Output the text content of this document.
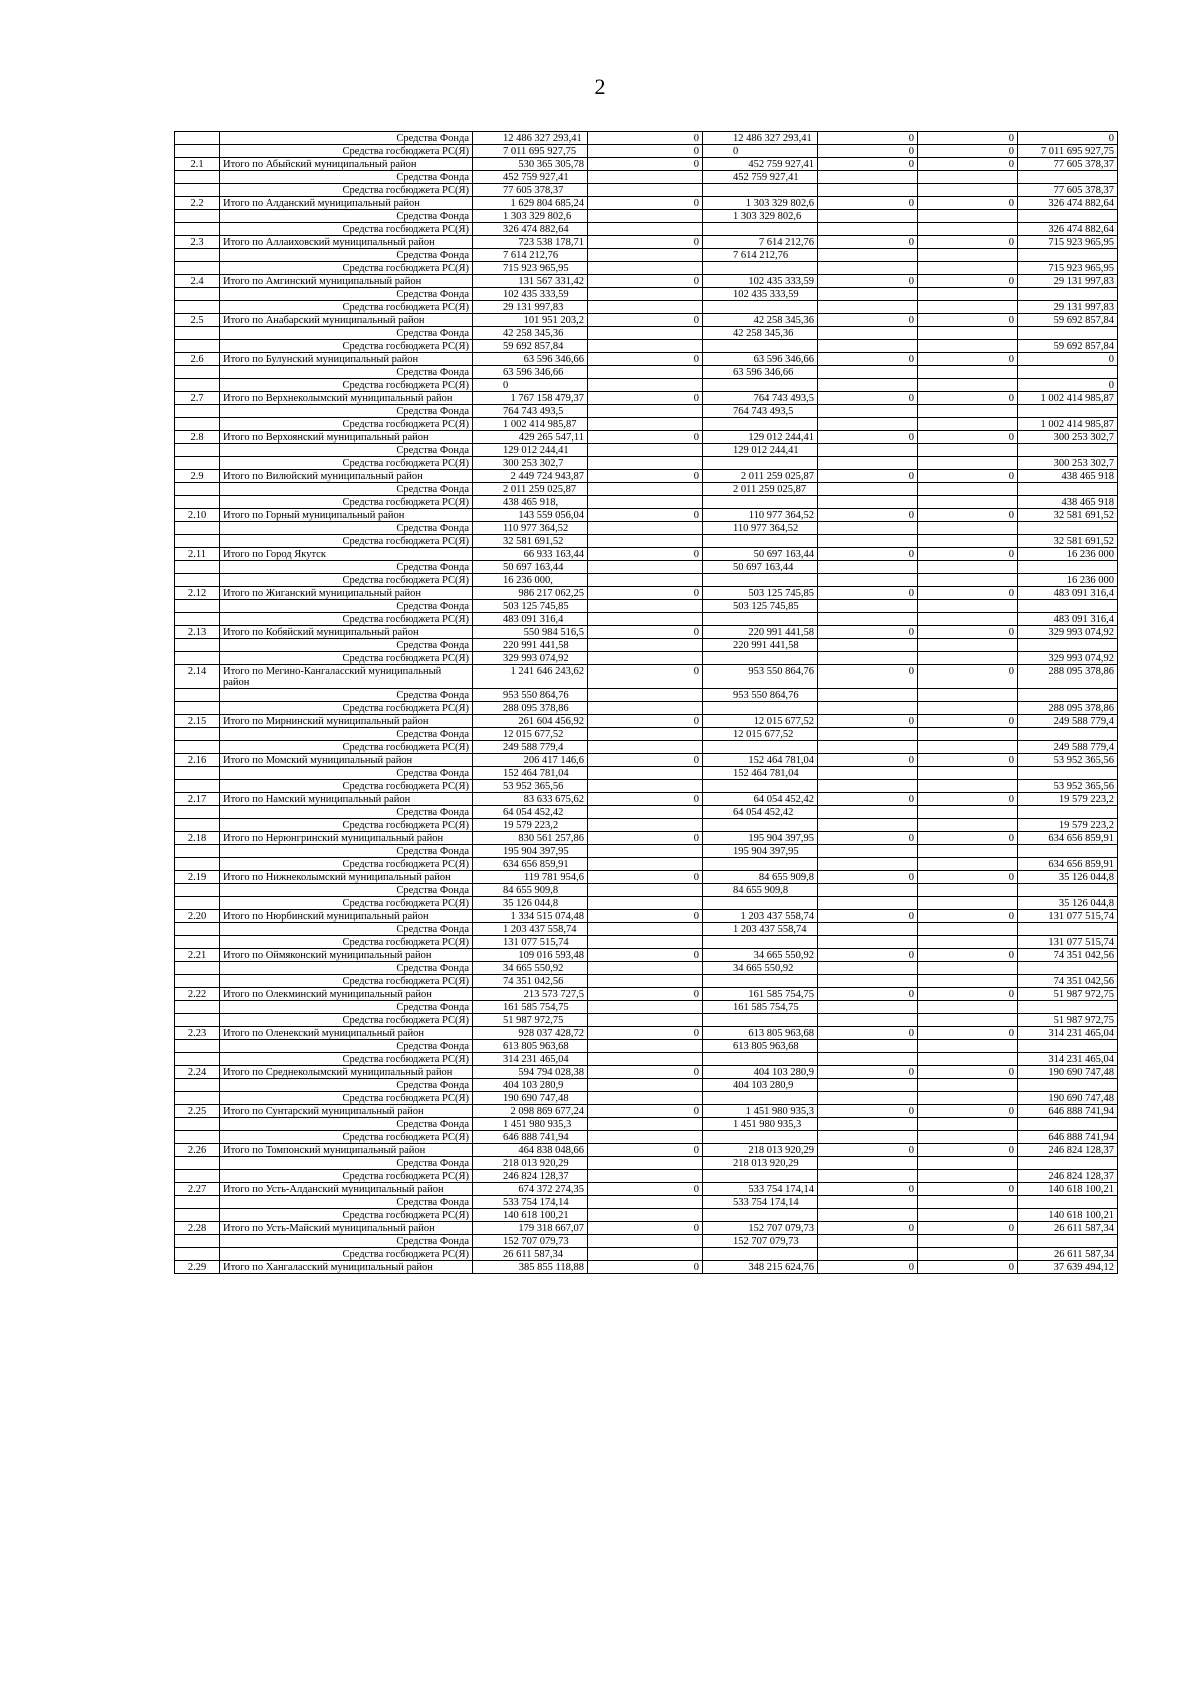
2
	Средства Фонда	12 486 327 293,41	0	12 486 327 293,41	0	0	0
	Средства госбюджета РС(Я)	7 011 695 927,75	0	0	0	0	7 011 695 927,75
2.1	Итого по Абыйский муниципальный район	530 365 305,78	0	452 759 927,41	0	0	77 605 378,37
	Средства Фонда	452 759 927,41		452 759 927,41			
	Средства госбюджета РС(Я)	77 605 378,37					77 605 378,37
2.2	Итого по Алданский муниципальный район	1 629 804 685,24	0	1 303 329 802,6	0	0	326 474 882,64
	Средства Фонда	1 303 329 802,6		1 303 329 802,6			
	Средства госбюджета РС(Я)	326 474 882,64					326 474 882,64
2.3	Итого по Аллаиховский муниципальный район	723 538 178,71	0	7 614 212,76	0	0	715 923 965,95
	Средства Фонда	7 614 212,76		7 614 212,76			
	Средства госбюджета РС(Я)	715 923 965,95					715 923 965,95
2.4	Итого по Амгинский муниципальный район	131 567 331,42	0	102 435 333,59	0	0	29 131 997,83
	Средства Фонда	102 435 333,59		102 435 333,59			
	Средства госбюджета РС(Я)	29 131 997,83					29 131 997,83
2.5	Итого по Анабарский муниципальный район	101 951 203,2	0	42 258 345,36	0	0	59 692 857,84
	Средства Фонда	42 258 345,36		42 258 345,36			
	Средства госбюджета РС(Я)	59 692 857,84					59 692 857,84
2.6	Итого по Булунский муниципальный район	63 596 346,66	0	63 596 346,66	0	0	0
	Средства Фонда	63 596 346,66		63 596 346,66			
	Средства госбюджета РС(Я)	0					0
2.7	Итого по Верхнеколымский муниципальный район	1 767 158 479,37	0	764 743 493,5	0	0	1 002 414 985,87
	Средства Фонда	764 743 493,5		764 743 493,5			
	Средства госбюджета РС(Я)	1 002 414 985,87					1 002 414 985,87
2.8	Итого по Верхоянский муниципальный район	429 265 547,11	0	129 012 244,41	0	0	300 253 302,7
	Средства Фонда	129 012 244,41		129 012 244,41			
	Средства госбюджета РС(Я)	300 253 302,7					300 253 302,7
2.9	Итого по Вилюйский муниципальный район	2 449 724 943,87	0	2 011 259 025,87	0	0	438 465 918
	Средства Фонда	2 011 259 025,87		2 011 259 025,87			
	Средства госбюджета РС(Я)	438 465 918,					438 465 918
2.10	Итого по Горный муниципальный район	143 559 056,04	0	110 977 364,52	0	0	32 581 691,52
	Средства Фонда	110 977 364,52		110 977 364,52			
	Средства госбюджета РС(Я)	32 581 691,52					32 581 691,52
2.11	Итого по Город Якутск	66 933 163,44	0	50 697 163,44	0	0	16 236 000
	Средства Фонда	50 697 163,44		50 697 163,44			
	Средства госбюджета РС(Я)	16 236 000,					16 236 000
2.12	Итого по Жиганский муниципальный район	986 217 062,25	0	503 125 745,85	0	0	483 091 316,4
	Средства Фонда	503 125 745,85		503 125 745,85			
	Средства госбюджета РС(Я)	483 091 316,4					483 091 316,4
2.13	Итого по Кобяйский муниципальный район	550 984 516,5	0	220 991 441,58	0	0	329 993 074,92
	Средства Фонда	220 991 441,58		220 991 441,58			
	Средства госбюджета РС(Я)	329 993 074,92					329 993 074,92
2.14	Итого по Мегино-Кангаласский муниципальный район	1 241 646 243,62	0	953 550 864,76	0	0	288 095 378,86
	Средства Фонда	953 550 864,76		953 550 864,76			
	Средства госбюджета РС(Я)	288 095 378,86					288 095 378,86
2.15	Итого по Мирнинский муниципальный район	261 604 456,92	0	12 015 677,52	0	0	249 588 779,4
	Средства Фонда	12 015 677,52		12 015 677,52			
	Средства госбюджета РС(Я)	249 588 779,4					249 588 779,4
2.16	Итого по Момский муниципальный район	206 417 146,6	0	152 464 781,04	0	0	53 952 365,56
	Средства Фонда	152 464 781,04		152 464 781,04			
	Средства госбюджета РС(Я)	53 952 365,56					53 952 365,56
2.17	Итого по Намский муниципальный район	83 633 675,62	0	64 054 452,42	0	0	19 579 223,2
	Средства Фонда	64 054 452,42		64 054 452,42			
	Средства госбюджета РС(Я)	19 579 223,2					19 579 223,2
2.18	Итого по Нерюнгринский муниципальный район	830 561 257,86	0	195 904 397,95	0	0	634 656 859,91
	Средства Фонда	195 904 397,95		195 904 397,95			
	Средства госбюджета РС(Я)	634 656 859,91					634 656 859,91
2.19	Итого по Нижнеколымский муниципальный район	119 781 954,6	0	84 655 909,8	0	0	35 126 044,8
	Средства Фонда	84 655 909,8		84 655 909,8			
	Средства госбюджета РС(Я)	35 126 044,8					35 126 044,8
2.20	Итого по Нюрбинский муниципальный район	1 334 515 074,48	0	1 203 437 558,74	0	0	131 077 515,74
	Средства Фонда	1 203 437 558,74		1 203 437 558,74			
	Средства госбюджета РС(Я)	131 077 515,74					131 077 515,74
2.21	Итого по Оймяконский муниципальный район	109 016 593,48	0	34 665 550,92	0	0	74 351 042,56
	Средства Фонда	34 665 550,92		34 665 550,92			
	Средства госбюджета РС(Я)	74 351 042,56					74 351 042,56
2.22	Итого по Олекминский муниципальный район	213 573 727,5	0	161 585 754,75	0	0	51 987 972,75
	Средства Фонда	161 585 754,75		161 585 754,75			
	Средства госбюджета РС(Я)	51 987 972,75					51 987 972,75
2.23	Итого по Оленекский муниципальный район	928 037 428,72	0	613 805 963,68	0	0	314 231 465,04
	Средства Фонда	613 805 963,68		613 805 963,68			
	Средства госбюджета РС(Я)	314 231 465,04					314 231 465,04
2.24	Итого по Среднеколымский муниципальный район	594 794 028,38	0	404 103 280,9	0	0	190 690 747,48
	Средства Фонда	404 103 280,9		404 103 280,9			
	Средства госбюджета РС(Я)	190 690 747,48					190 690 747,48
2.25	Итого по Сунтарский муниципальный район	2 098 869 677,24	0	1 451 980 935,3	0	0	646 888 741,94
	Средства Фонда	1 451 980 935,3		1 451 980 935,3			
	Средства госбюджета РС(Я)	646 888 741,94					646 888 741,94
2.26	Итого по Томпонский муниципальный район	464 838 048,66	0	218 013 920,29	0	0	246 824 128,37
	Средства Фонда	218 013 920,29		218 013 920,29			
	Средства госбюджета РС(Я)	246 824 128,37					246 824 128,37
2.27	Итого по Усть-Алданский муниципальный район	674 372 274,35	0	533 754 174,14	0	0	140 618 100,21
	Средства Фонда	533 754 174,14		533 754 174,14			
	Средства госбюджета РС(Я)	140 618 100,21					140 618 100,21
2.28	Итого по Усть-Майский муниципальный район	179 318 667,07	0	152 707 079,73	0	0	26 611 587,34
	Средства Фонда	152 707 079,73		152 707 079,73			
	Средства госбюджета РС(Я)	26 611 587,34					26 611 587,34
2.29	Итого по Хангаласский муниципальный район	385 855 118,88	0	348 215 624,76	0	0	37 639 494,12
